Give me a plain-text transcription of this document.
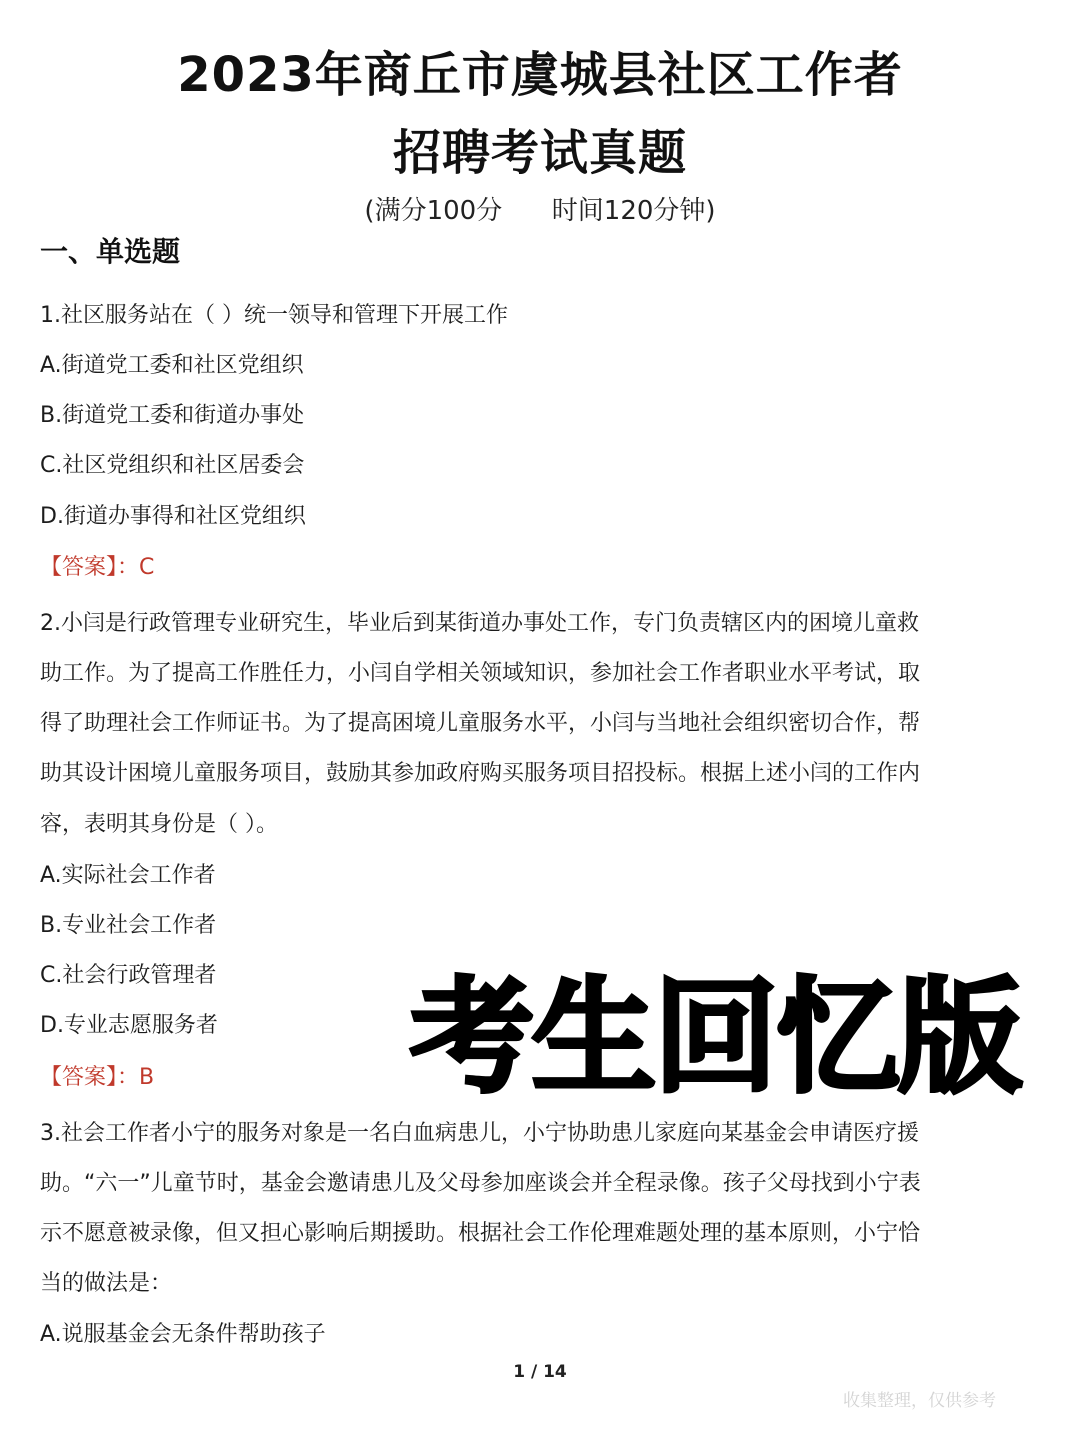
2023年商丘市虞城县社区工作者
招聘考试真题
(满分100分      时间120分钟)
一、单选题
1.社区服务站在（ ）统一领导和管理下开展工作
A.街道党工委和社区党组织
B.街道党工委和街道办事处
C.社区党组织和社区居委会
D.街道办事得和社区党组织
【答案】：C
2.小闫是行政管理专业研究生，毕业后到某街道办事处工作，专门负责辖区内的困境儿童救
助工作。为了提高工作胜任力，小闫自学相关领域知识，参加社会工作者职业水平考试，取
得了助理社会工作师证书。为了提高困境儿童服务水平，小闫与当地社会组织密切合作，帮
助其设计困境儿童服务项目，鼓励其参加政府购买服务项目招投标。根据上述小闫的工作内
容，表明其身份是（ ）。
A.实际社会工作者
B.专业社会工作者
C.社会行政管理者
D.专业志愿服务者
【答案】：B
3.社会工作者小宁的服务对象是一名白血病患儿，小宁协助患儿家庭向某基金会申请医疗援
助。“六一”儿童节时，基金会邀请患儿及父母参加座谈会并全程录像。孩子父母找到小宁表
示不愿意被录像，但又担心影响后期援助。根据社会工作伦理难题处理的基本原则，小宁恰
当的做法是：
A.说服基金会无条件帮助孩子
考生回忆版
1 / 14
收集整理，仅供参考
